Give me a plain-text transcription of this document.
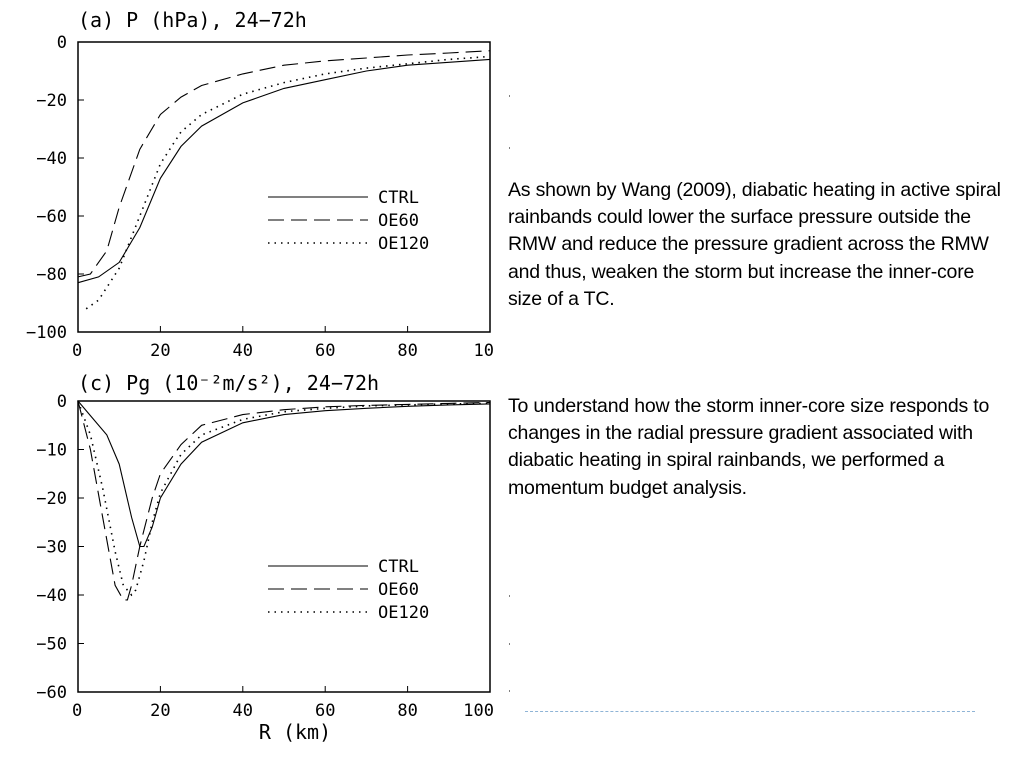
(a) P (hPa), 24−72h
0
−20
−40
−60
−80
−100
0	20	40	60	80	10
CTRL
OE60
OE120
(c) Pg (10⁻²m/s²), 24−72h
0
−10
−20
−30
−40
−50
−60
0	20	40	60	80	100
CTRL
OE60
OE120
R (km)

As shown by Wang (2009), diabatic heating in active spiral rainbands could lower the surface pressure outside the RMW and reduce the pressure gradient across the RMW and thus, weaken the storm but increase the inner-core size of a TC.

To understand how the storm inner-core size responds to changes in the radial pressure gradient associated with diabatic heating in spiral rainbands, we performed a momentum budget analysis.
